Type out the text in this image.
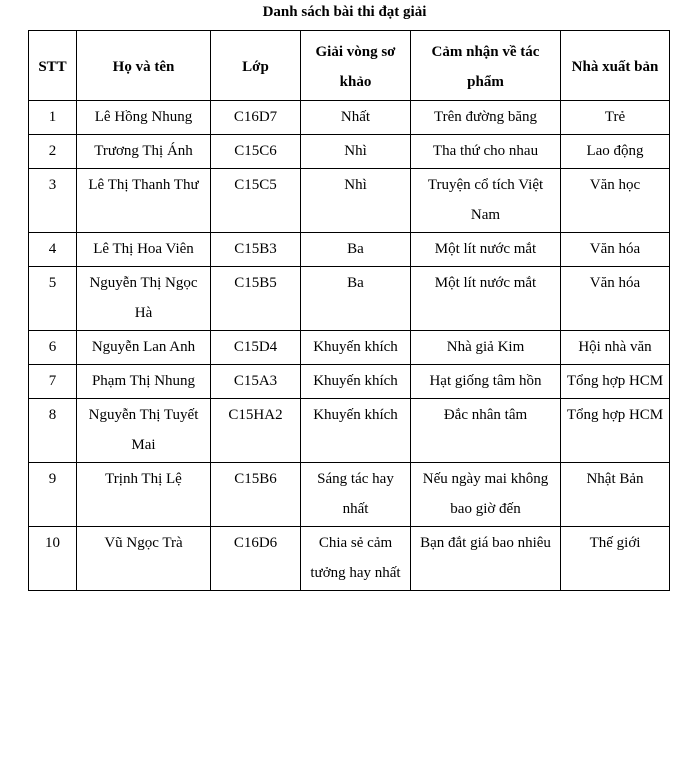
Danh sách bài thi đạt giải
STT	Họ và tên	Lớp	Giải vòng sơ khảo	Cảm nhận về tác phẩm	Nhà xuất bản
1	Lê Hồng Nhung	C16D7	Nhất	Trên đường băng	Trẻ
2	Trương Thị Ánh	C15C6	Nhì	Tha thứ cho nhau	Lao động
3	Lê Thị Thanh Thư	C15C5	Nhì	Truyện cổ tích Việt Nam	Văn học
4	Lê Thị Hoa Viên	C15B3	Ba	Một lít nước mắt	Văn hóa
5	Nguyễn Thị Ngọc Hà	C15B5	Ba	Một lít nước mắt	Văn hóa
6	Nguyễn Lan Anh	C15D4	Khuyến khích	Nhà giả Kim	Hội nhà văn
7	Phạm Thị Nhung	C15A3	Khuyến khích	Hạt giống tâm hồn	Tổng hợp HCM
8	Nguyễn Thị Tuyết Mai	C15HA2	Khuyến khích	Đắc nhân tâm	Tổng hợp HCM
9	Trịnh Thị Lệ	C15B6	Sáng tác hay nhất	Nếu ngày mai không bao giờ đến	Nhật Bản
10	Vũ Ngọc Trà	C16D6	Chia sẻ cảm tưởng hay nhất	Bạn đắt giá bao nhiêu	Thế giới
